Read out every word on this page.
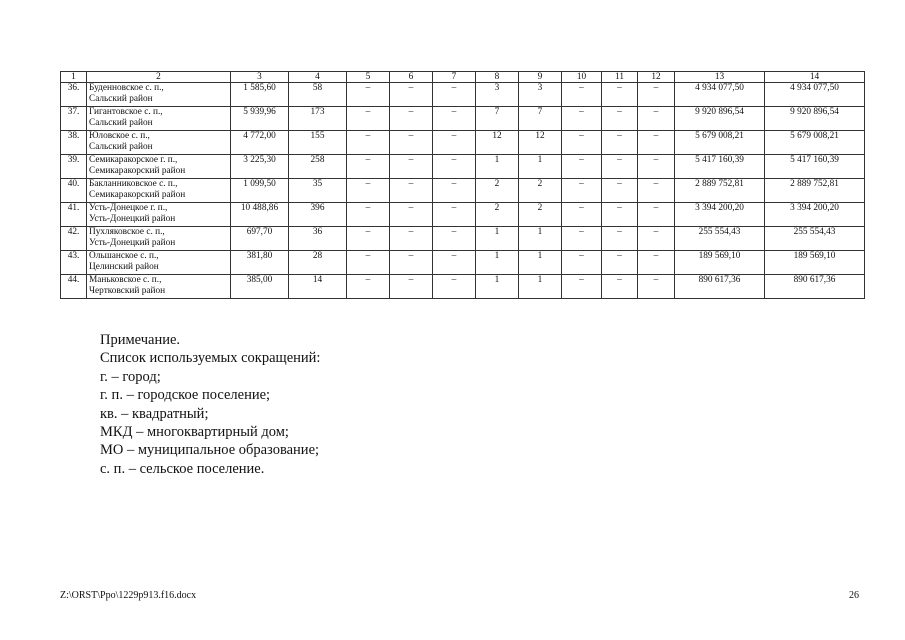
1	2	3	4	5	6	7	8	9	10	11	12	13	14
36.	Буденновское с. п.,
Сальский район	1 585,60	58	–	–	–	3	3	–	–	–	4 934 077,50	4 934 077,50
37.	Гигантовское с. п.,
Сальский район	5 939,96	173	–	–	–	7	7	–	–	–	9 920 896,54	9 920 896,54
38.	Юловское с. п.,
Сальский район	4 772,00	155	–	–	–	12	12	–	–	–	5 679 008,21	5 679 008,21
39.	Семикаракорское г. п.,
Семикаракорский район	3 225,30	258	–	–	–	1	1	–	–	–	5 417 160,39	5 417 160,39
40.	Бакланниковское с. п.,
Семикаракорский район	1 099,50	35	–	–	–	2	2	–	–	–	2 889 752,81	2 889 752,81
41.	Усть-Донецкое г. п.,
Усть-Донецкий район	10 488,86	396	–	–	–	2	2	–	–	–	3 394 200,20	3 394 200,20
42.	Пухляковское с. п.,
Усть-Донецкий район	697,70	36	–	–	–	1	1	–	–	–	255 554,43	255 554,43
43.	Ольшанское с. п.,
Целинский район	381,80	28	–	–	–	1	1	–	–	–	189 569,10	189 569,10
44.	Маньковское с. п.,
Чертковский район	385,00	14	–	–	–	1	1	–	–	–	890 617,36	890 617,36
Примечание.
Список используемых сокращений:
г. – город;
г. п. – городское поселение;
кв. – квадратный;
МКД – многоквартирный дом;
МО – муниципальное образование;
с. п. – сельское поселение.
Z:\ORST\Ppo\1229p913.f16.docx	26
